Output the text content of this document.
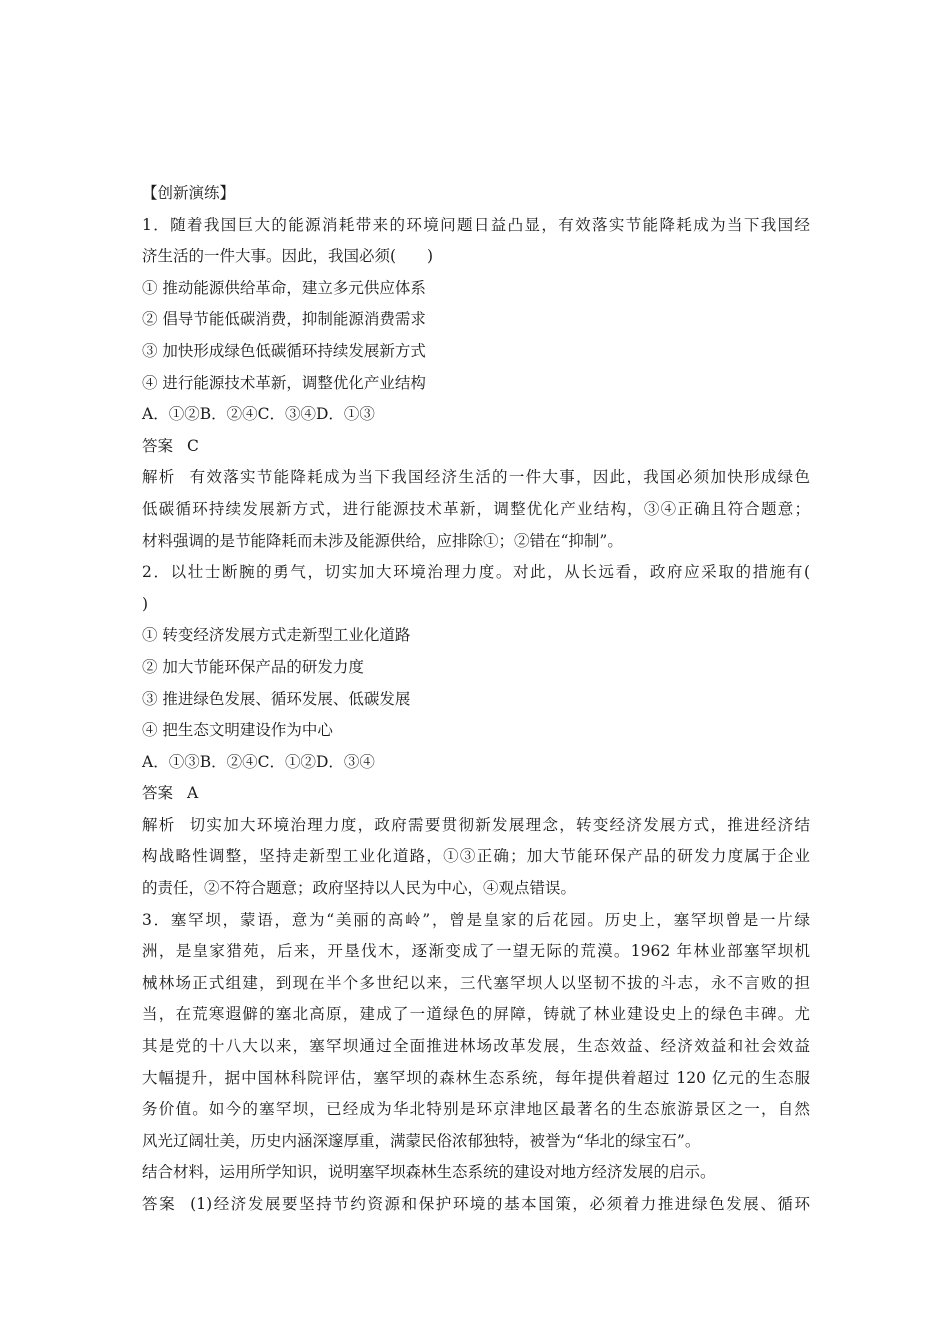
【创新演练】
1．随着我国巨大的能源消耗带来的环境问题日益凸显，有效落实节能降耗成为当下我国经
济生活的一件大事。因此，我国必须(　　)
① 推动能源供给革命，建立多元供应体系
② 倡导节能低碳消费，抑制能源消费需求
③ 加快形成绿色低碳循环持续发展新方式
④ 进行能源技术革新，调整优化产业结构
A．①②B．②④C．③④D．①③
答案 C
解析 有效落实节能降耗成为当下我国经济生活的一件大事，因此，我国必须加快形成绿色
低碳循环持续发展新方式，进行能源技术革新，调整优化产业结构，③④正确且符合题意；
材料强调的是节能降耗而未涉及能源供给，应排除①；②错在“抑制”。
2．以壮士断腕的勇气，切实加大环境治理力度。对此，从长远看，政府应采取的措施有(
)
① 转变经济发展方式走新型工业化道路
② 加大节能环保产品的研发力度
③ 推进绿色发展、循环发展、低碳发展
④ 把生态文明建设作为中心
A．①③B．②④C．①②D．③④
答案 A
解析 切实加大环境治理力度，政府需要贯彻新发展理念，转变经济发展方式，推进经济结
构战略性调整，坚持走新型工业化道路，①③正确；加大节能环保产品的研发力度属于企业
的责任，②不符合题意；政府坚持以人民为中心，④观点错误。
3．塞罕坝，蒙语，意为“美丽的高岭”，曾是皇家的后花园。历史上，塞罕坝曾是一片绿
洲，是皇家猎苑，后来，开垦伐木，逐渐变成了一望无际的荒漠。1962 年林业部塞罕坝机
械林场正式组建，到现在半个多世纪以来，三代塞罕坝人以坚韧不拔的斗志，永不言败的担
当，在荒寒遐僻的塞北高原，建成了一道绿色的屏障，铸就了林业建设史上的绿色丰碑。尤
其是党的十八大以来，塞罕坝通过全面推进林场改革发展，生态效益、经济效益和社会效益
大幅提升，据中国林科院评估，塞罕坝的森林生态系统，每年提供着超过 120 亿元的生态服
务价值。如今的塞罕坝，已经成为华北特别是环京津地区最著名的生态旅游景区之一，自然
风光辽阔壮美，历史内涵深邃厚重，满蒙民俗浓郁独特，被誉为“华北的绿宝石”。
结合材料，运用所学知识，说明塞罕坝森林生态系统的建设对地方经济发展的启示。
答案 (1)经济发展要坚持节约资源和保护环境的基本国策，必须着力推进绿色发展、循环
